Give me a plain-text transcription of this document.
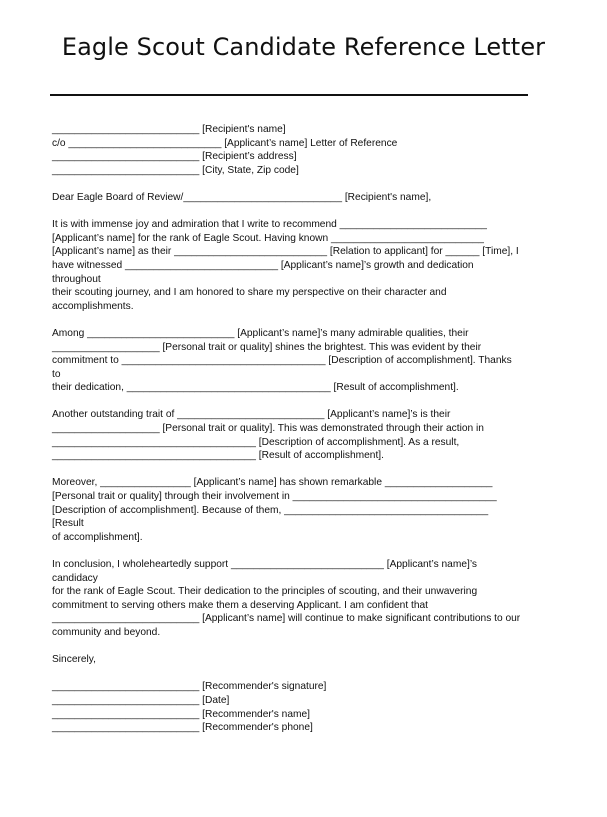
Eagle Scout Candidate Reference Letter
__________________________ [Recipient's name]
c/o ___________________________ [Applicant’s name] Letter of Reference
__________________________ [Recipient’s address]
__________________________ [City, State, Zip code]
Dear Eagle Board of Review/____________________________ [Recipient's name],
It is with immense joy and admiration that I write to recommend __________________________
[Applicant’s name] for the rank of Eagle Scout. Having known ___________________________
[Applicant’s name] as their ___________________________ [Relation to applicant] for ______ [Time], I
have witnessed ___________________________ [Applicant’s name]’s growth and dedication throughout
their scouting journey, and I am honored to share my perspective on their character and
accomplishments.
Among __________________________ [Applicant’s name]’s many admirable qualities, their
___________________ [Personal trait or quality] shines the brightest. This was evident by their
commitment to ____________________________________ [Description of accomplishment]. Thanks to
their dedication, ____________________________________ [Result of accomplishment].
Another outstanding trait of __________________________ [Applicant’s name]’s is their
___________________ [Personal trait or quality]. This was demonstrated through their action in
____________________________________ [Description of accomplishment]. As a result,
____________________________________ [Result of accomplishment].
Moreover, ________________ [Applicant’s name] has shown remarkable ___________________
[Personal trait or quality] through their involvement in ____________________________________
[Description of accomplishment]. Because of them, ____________________________________ [Result
of accomplishment].
In conclusion, I wholeheartedly support ___________________________ [Applicant’s name]’s candidacy
for the rank of Eagle Scout. Their dedication to the principles of scouting, and their unwavering
commitment to serving others make them a deserving Applicant. I am confident that
__________________________ [Applicant’s name] will continue to make significant contributions to our
community and beyond.
Sincerely,
__________________________ [Recommender's signature]
__________________________ [Date]
__________________________ [Recommender's name]
__________________________ [Recommender's phone]
